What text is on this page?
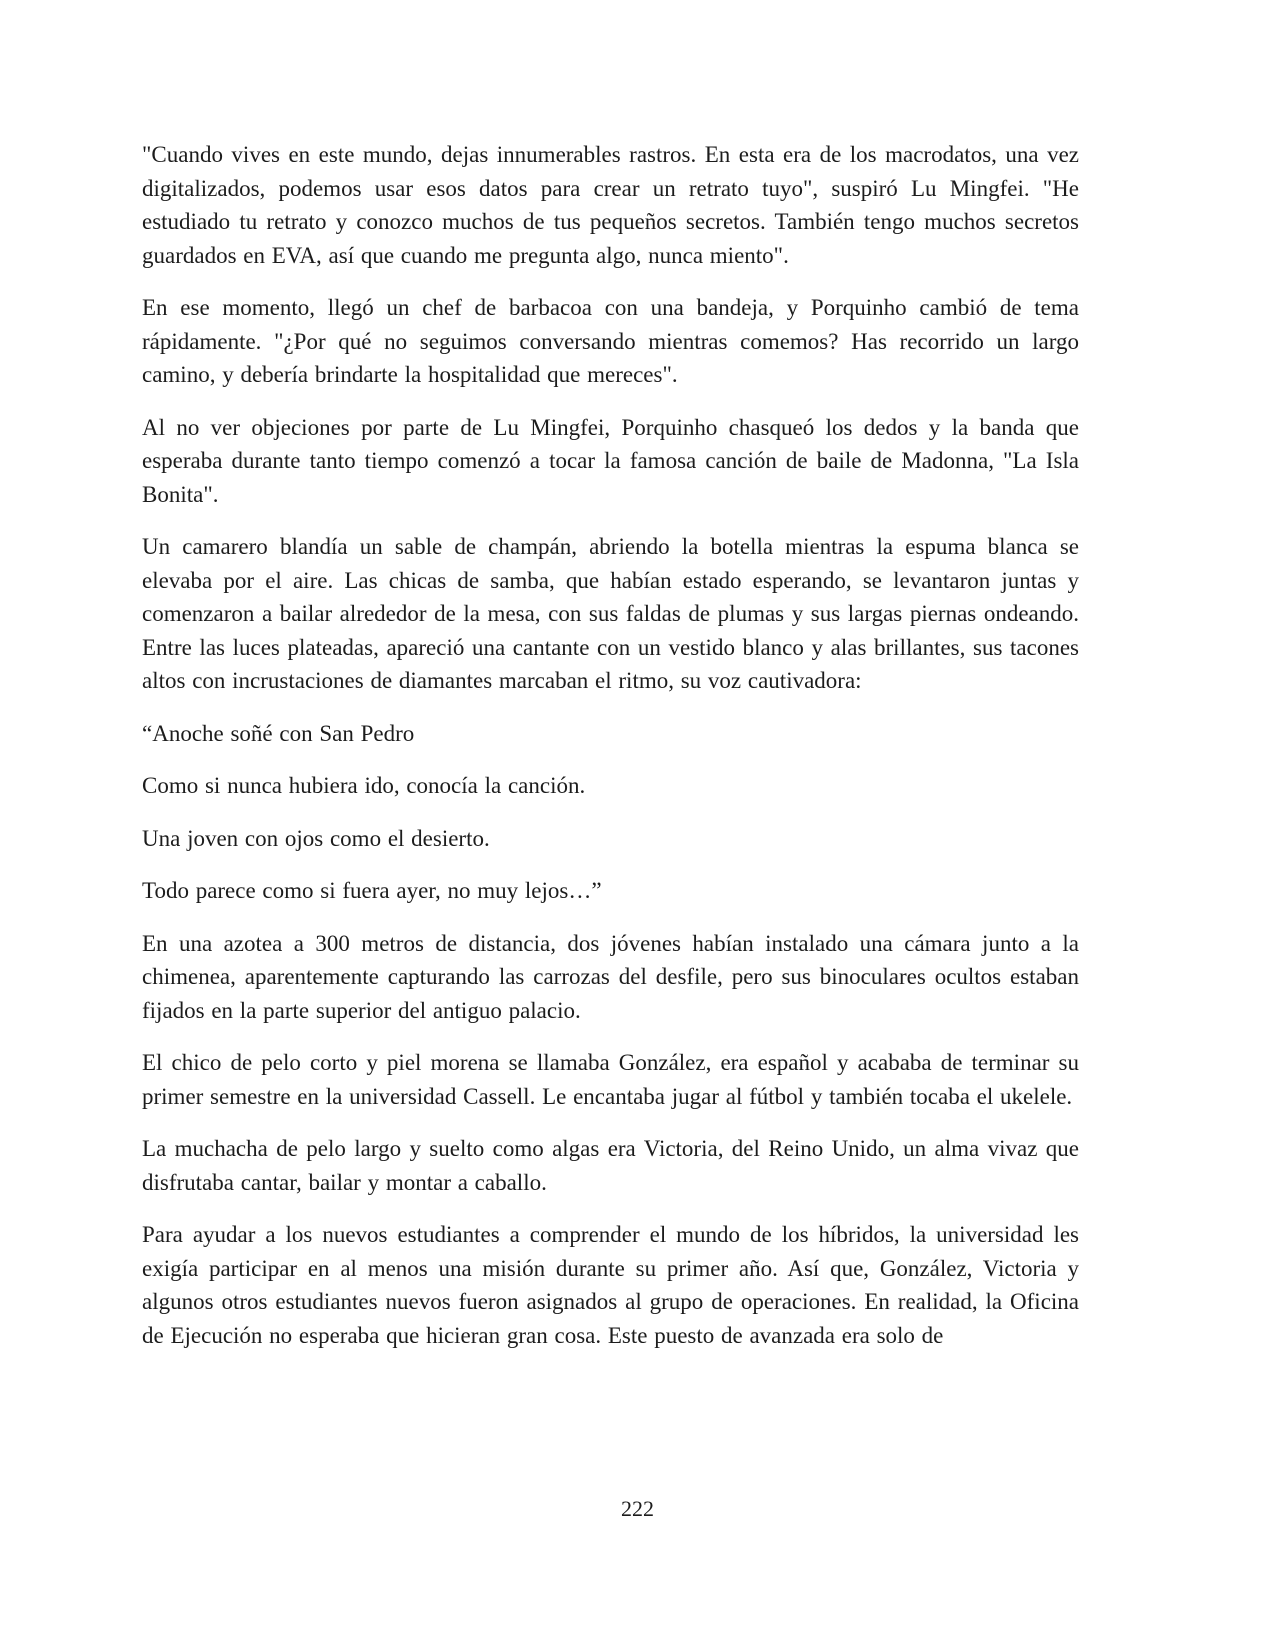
"Cuando vives en este mundo, dejas innumerables rastros. En esta era de los macrodatos, una vez digitalizados, podemos usar esos datos para crear un retrato tuyo", suspiró Lu Mingfei. "He estudiado tu retrato y conozco muchos de tus pequeños secretos. También tengo muchos secretos guardados en EVA, así que cuando me pregunta algo, nunca miento".

En ese momento, llegó un chef de barbacoa con una bandeja, y Porquinho cambió de tema rápidamente. "¿Por qué no seguimos conversando mientras comemos? Has recorrido un largo camino, y debería brindarte la hospitalidad que mereces".

Al no ver objeciones por parte de Lu Mingfei, Porquinho chasqueó los dedos y la banda que esperaba durante tanto tiempo comenzó a tocar la famosa canción de baile de Madonna, "La Isla Bonita".

Un camarero blandía un sable de champán, abriendo la botella mientras la espuma blanca se elevaba por el aire. Las chicas de samba, que habían estado esperando, se levantaron juntas y comenzaron a bailar alrededor de la mesa, con sus faldas de plumas y sus largas piernas ondeando. Entre las luces plateadas, apareció una cantante con un vestido blanco y alas brillantes, sus tacones altos con incrustaciones de diamantes marcaban el ritmo, su voz cautivadora:

“Anoche soñé con San Pedro

Como si nunca hubiera ido, conocía la canción.

Una joven con ojos como el desierto.

Todo parece como si fuera ayer, no muy lejos…”

En una azotea a 300 metros de distancia, dos jóvenes habían instalado una cámara junto a la chimenea, aparentemente capturando las carrozas del desfile, pero sus binoculares ocultos estaban fijados en la parte superior del antiguo palacio.

El chico de pelo corto y piel morena se llamaba González, era español y acababa de terminar su primer semestre en la universidad Cassell. Le encantaba jugar al fútbol y también tocaba el ukelele.

La muchacha de pelo largo y suelto como algas era Victoria, del Reino Unido, un alma vivaz que disfrutaba cantar, bailar y montar a caballo.

Para ayudar a los nuevos estudiantes a comprender el mundo de los híbridos, la universidad les exigía participar en al menos una misión durante su primer año. Así que, González, Victoria y algunos otros estudiantes nuevos fueron asignados al grupo de operaciones. En realidad, la Oficina de Ejecución no esperaba que hicieran gran cosa. Este puesto de avanzada era solo de

222
